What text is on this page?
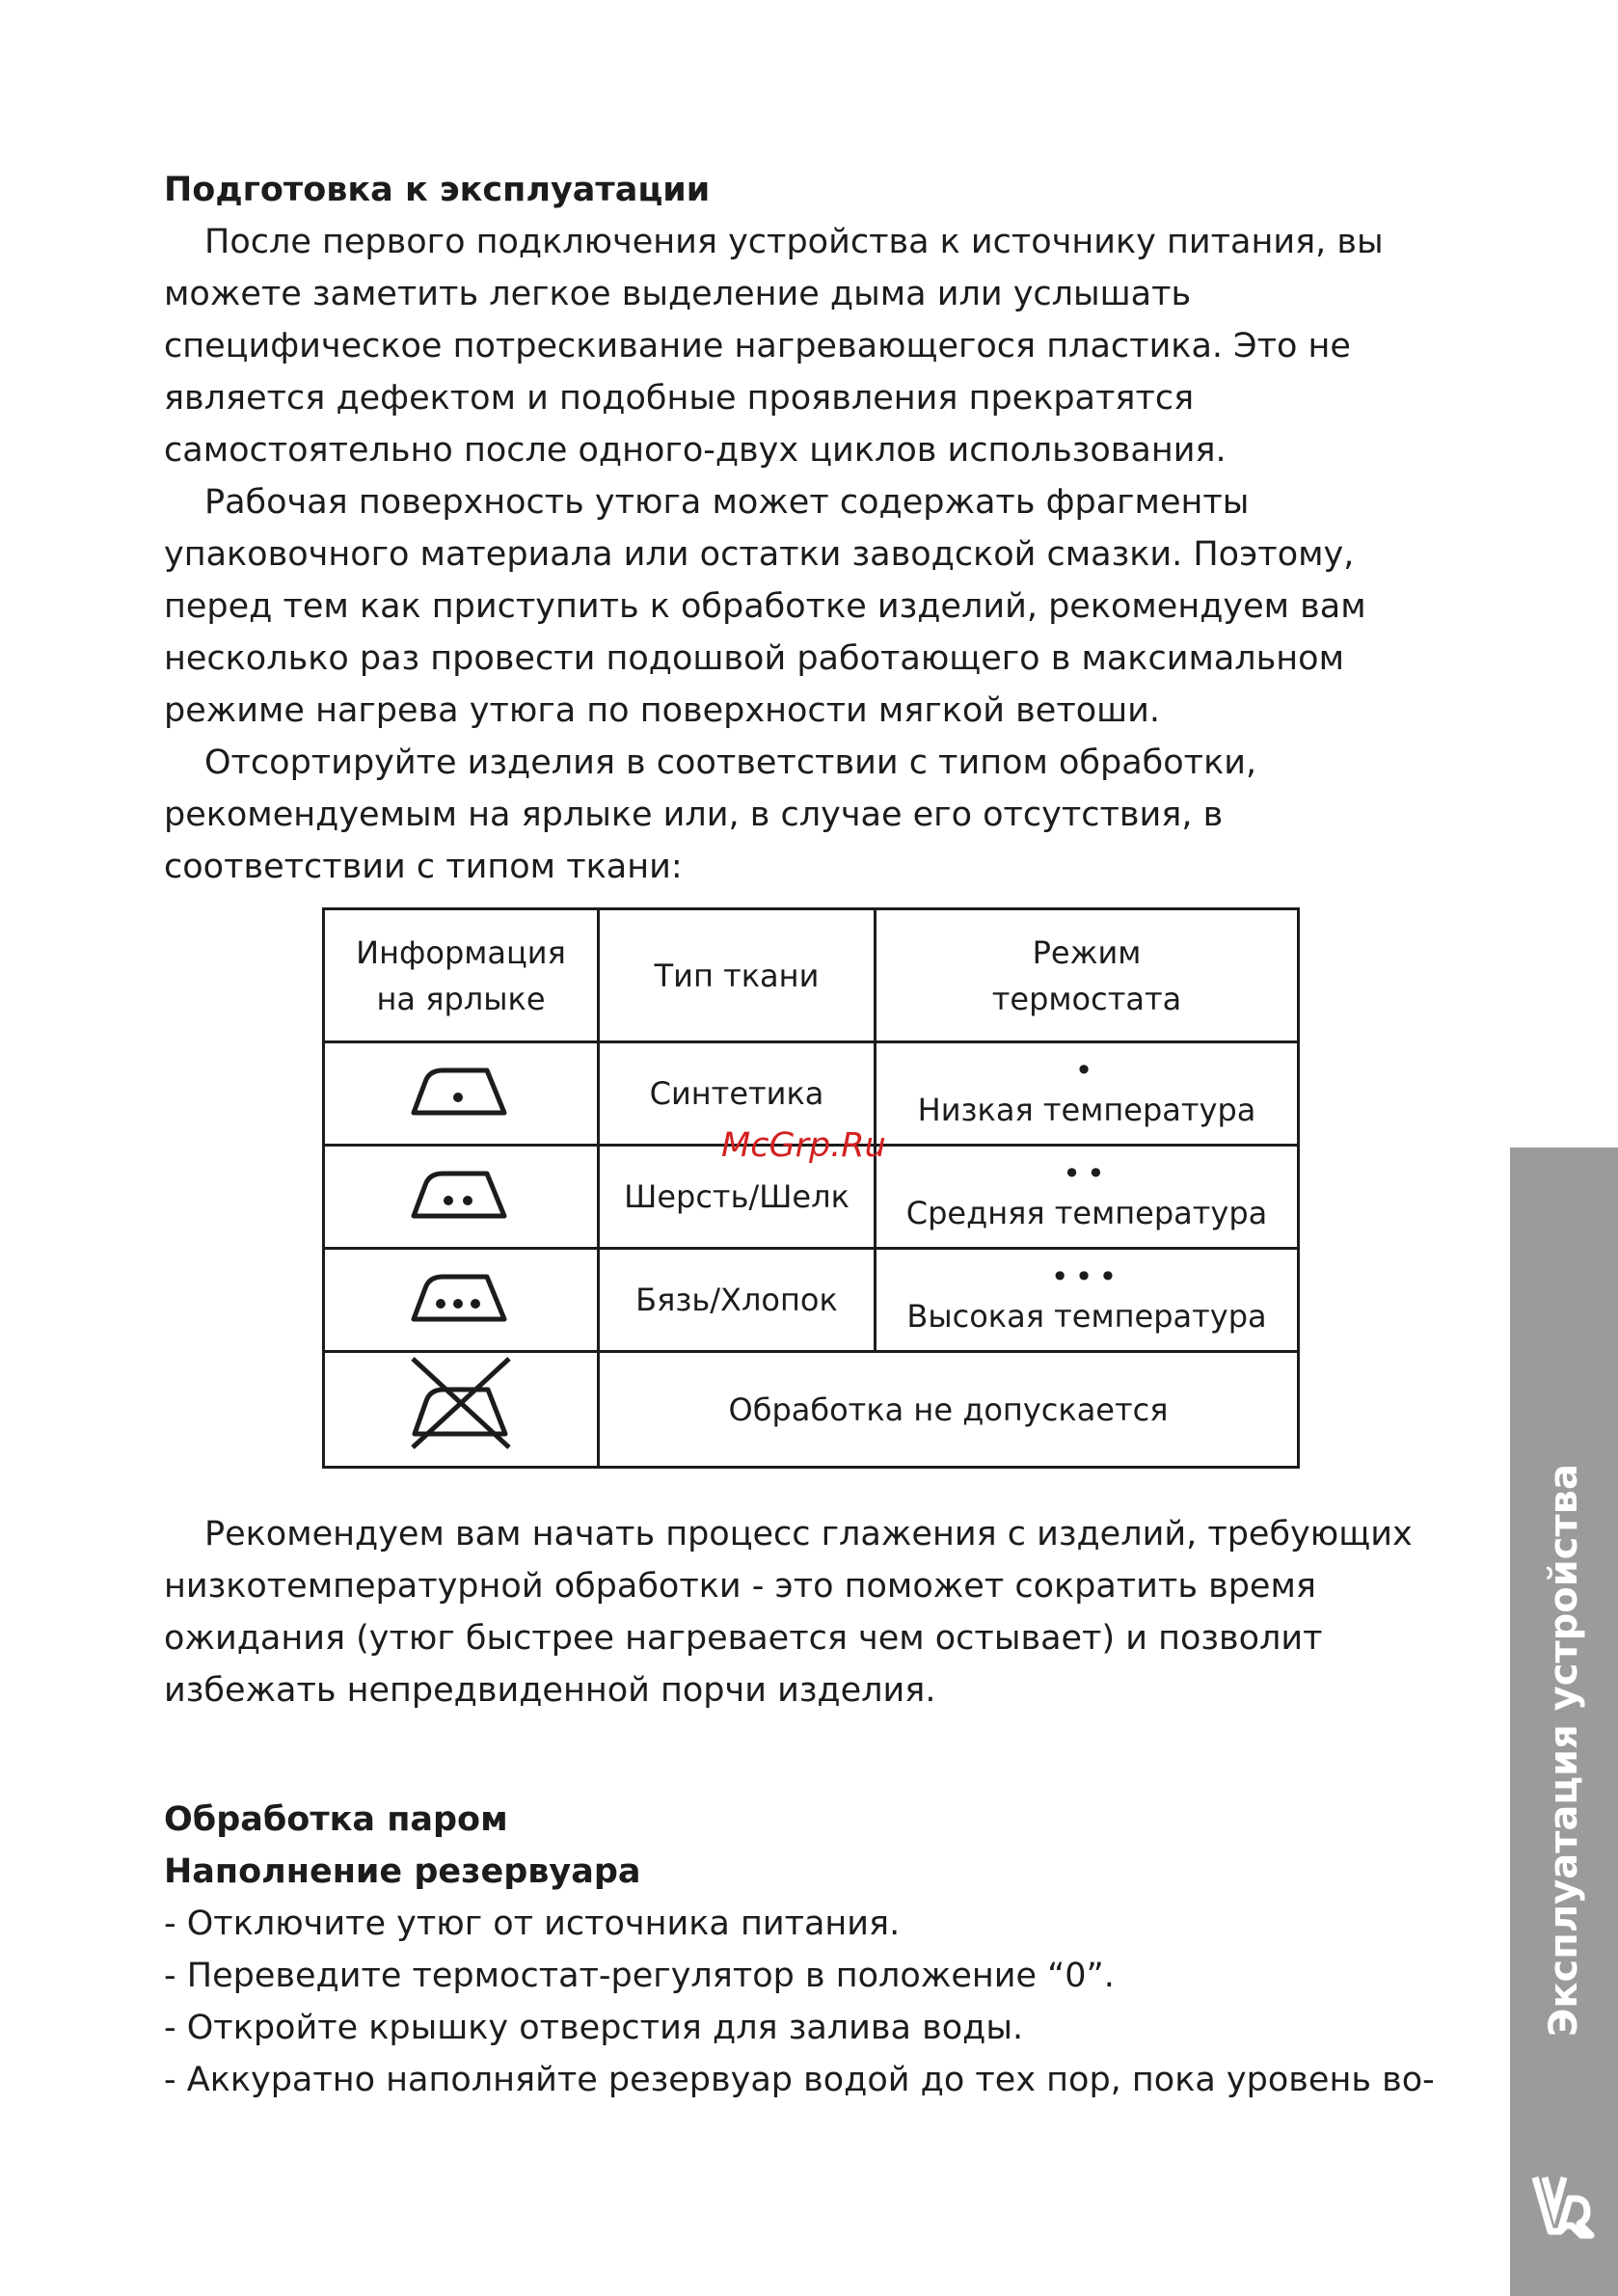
Подготовка к эксплуатации

После первого подключения устройства к источнику питания, вы можете заметить легкое выделение дыма или услышать специфическое потрескивание нагревающегося пластика. Это не является дефектом и подобные проявления прекратятся самостоятельно после одного-двух циклов использования.

Рабочая поверхность утюга может содержать фрагменты упаковочного материала или остатки заводской смазки. Поэтому, перед тем как приступить к обработке изделий, рекомендуем вам несколько раз провести подошвой работающего в максимальном режиме нагрева утюга по поверхности мягкой ветоши.

Отсортируйте изделия в соответствии с типом обработки, рекомендуемым на ярлыке или, в случае его отсутствия, в соответствии с типом ткани:

Рекомендуем вам начать процесс глажения с изделий, требующих низкотемпературной обработки - это поможет сократить время ожидания (утюг быстрее нагревается чем остывает) и позволит избежать непредвиденной порчи изделия.

Обработка паром

Наполнение резервуара

- Отключите утюг от источника питания.

- Переведите термостат-регулятор в положение “0”.

- Откройте крышку отверстия для залива воды.

- Аккуратно наполняйте резервуар водой до тех пор, пока уровень во-

Информация на ярлыке	Тип ткани	Режим термостата
	Синтетика	•
Низкая температура

	Шерсть/Шелк	••
Средняя температура

	Бязь/Хлопок	•••
Высокая температура

	Обработка не допускается	
McGrp.Ru
Эксплуатация устройства
